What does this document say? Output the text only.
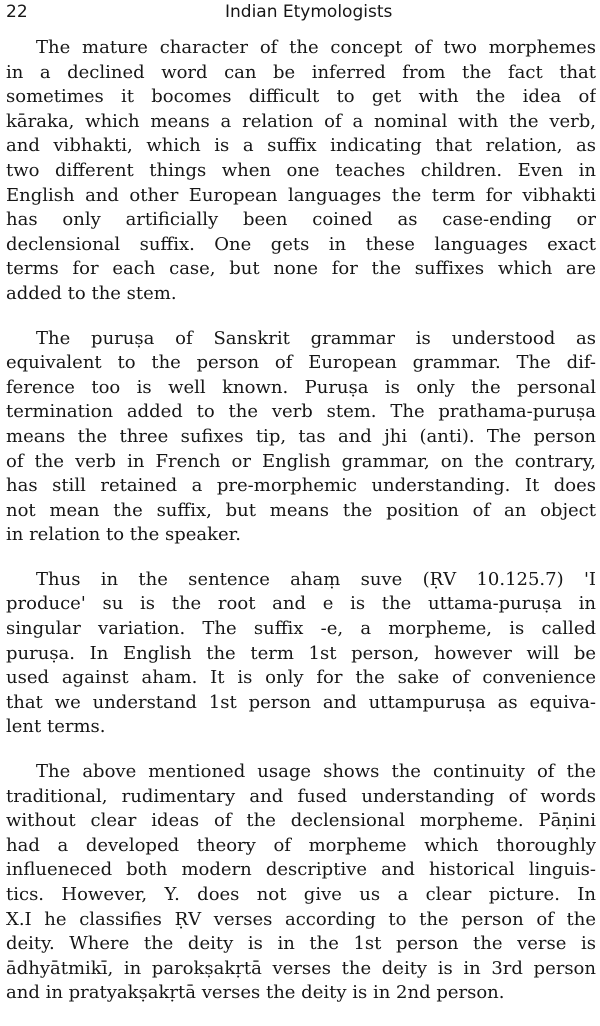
22	Indian Etymologists
The mature character of the concept of two morphemes
in a declined word can be inferred from the fact that
sometimes it bocomes difficult to get with the idea of
kāraka, which means a relation of a nominal with the verb,
and vibhakti, which is a suffix indicating that relation, as
two different things when one teaches children. Even in
English and other European languages the term for vibhakti
has only artificially been coined as case-ending or
declensional suffix. One gets in these languages exact
terms for each case, but none for the suffixes which are
added to the stem.
The puruṣa of Sanskrit grammar is understood as
equivalent to the person of European grammar. The dif-
ference too is well known. Puruṣa is only the personal
termination added to the verb stem. The prathama-puruṣa
means the three sufixes tip, tas and jhi (anti). The person
of the verb in French or English grammar, on the contrary,
has still retained a pre-morphemic understanding. It does
not mean the suffix, but means the position of an object
in relation to the speaker.
Thus in the sentence ahaṃ suve (ṚV 10.125.7) 'I
produce' su is the root and e is the uttama-puruṣa in
singular variation. The suffix -e, a morpheme, is called
puruṣa. In English the term 1st person, however will be
used against aham. It is only for the sake of convenience
that we understand 1st person and uttampuruṣa as equiva-
lent terms.
The above mentioned usage shows the continuity of the
traditional, rudimentary and fused understanding of words
without clear ideas of the declensional morpheme. Pāṇini
had a developed theory of morpheme which thoroughly
influeneced both modern descriptive and historical linguis-
tics. However, Y. does not give us a clear picture. In
X.I he classifies ṚV verses according to the person of the
deity. Where the deity is in the 1st person the verse is
ādhyātmikī, in parokṣakṛtā verses the deity is in 3rd person
and in pratyakṣakṛtā verses the deity is in 2nd person.
